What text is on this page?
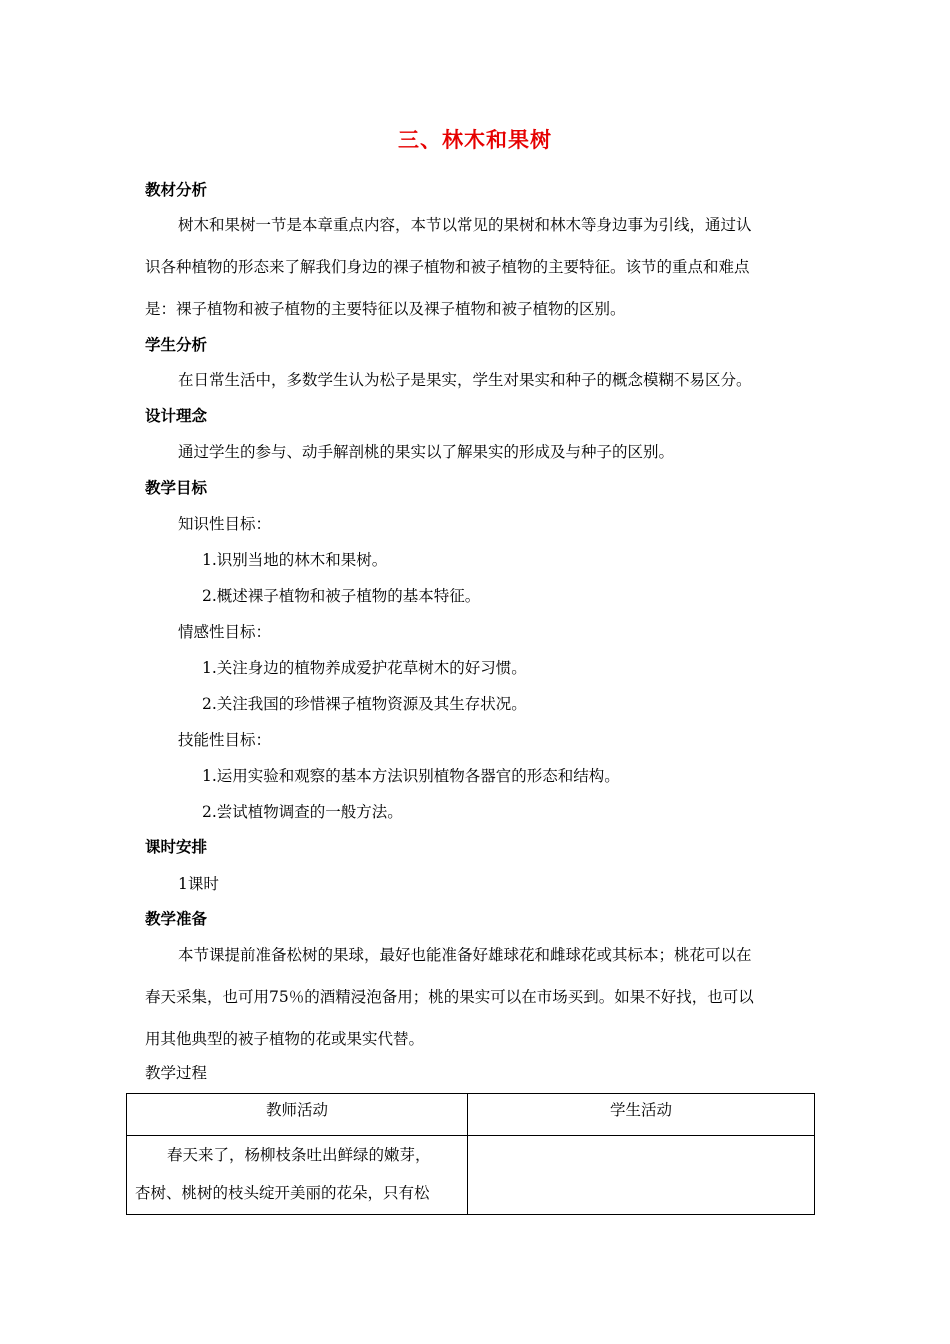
三、林木和果树
教材分析
树木和果树一节是本章重点内容，本节以常见的果树和林木等身边事为引线，通过认
识各种植物的形态来了解我们身边的裸子植物和被子植物的主要特征。该节的重点和难点
是：裸子植物和被子植物的主要特征以及裸子植物和被子植物的区别。
学生分析
在日常生活中，多数学生认为松子是果实，学生对果实和种子的概念模糊不易区分。
设计理念
通过学生的参与、动手解剖桃的果实以了解果实的形成及与种子的区别。
教学目标
知识性目标：
1.识别当地的林木和果树。
2.概述裸子植物和被子植物的基本特征。
情感性目标：
1.关注身边的植物养成爱护花草树木的好习惯。
2.关注我国的珍惜裸子植物资源及其生存状况。
技能性目标：
1.运用实验和观察的基本方法识别植物各器官的形态和结构。
2.尝试植物调查的一般方法。
课时安排
1课时
教学准备
本节课提前准备松树的果球，最好也能准备好雄球花和雌球花或其标本；桃花可以在
春天采集，也可用75％的酒精浸泡备用；桃的果实可以在市场买到。如果不好找，也可以
用其他典型的被子植物的花或果实代替。
教学过程
教师活动	学生活动

春天来了，杨柳枝条吐出鲜绿的嫩芽，
杏树、桃树的枝头绽开美丽的花朵，只有松	
